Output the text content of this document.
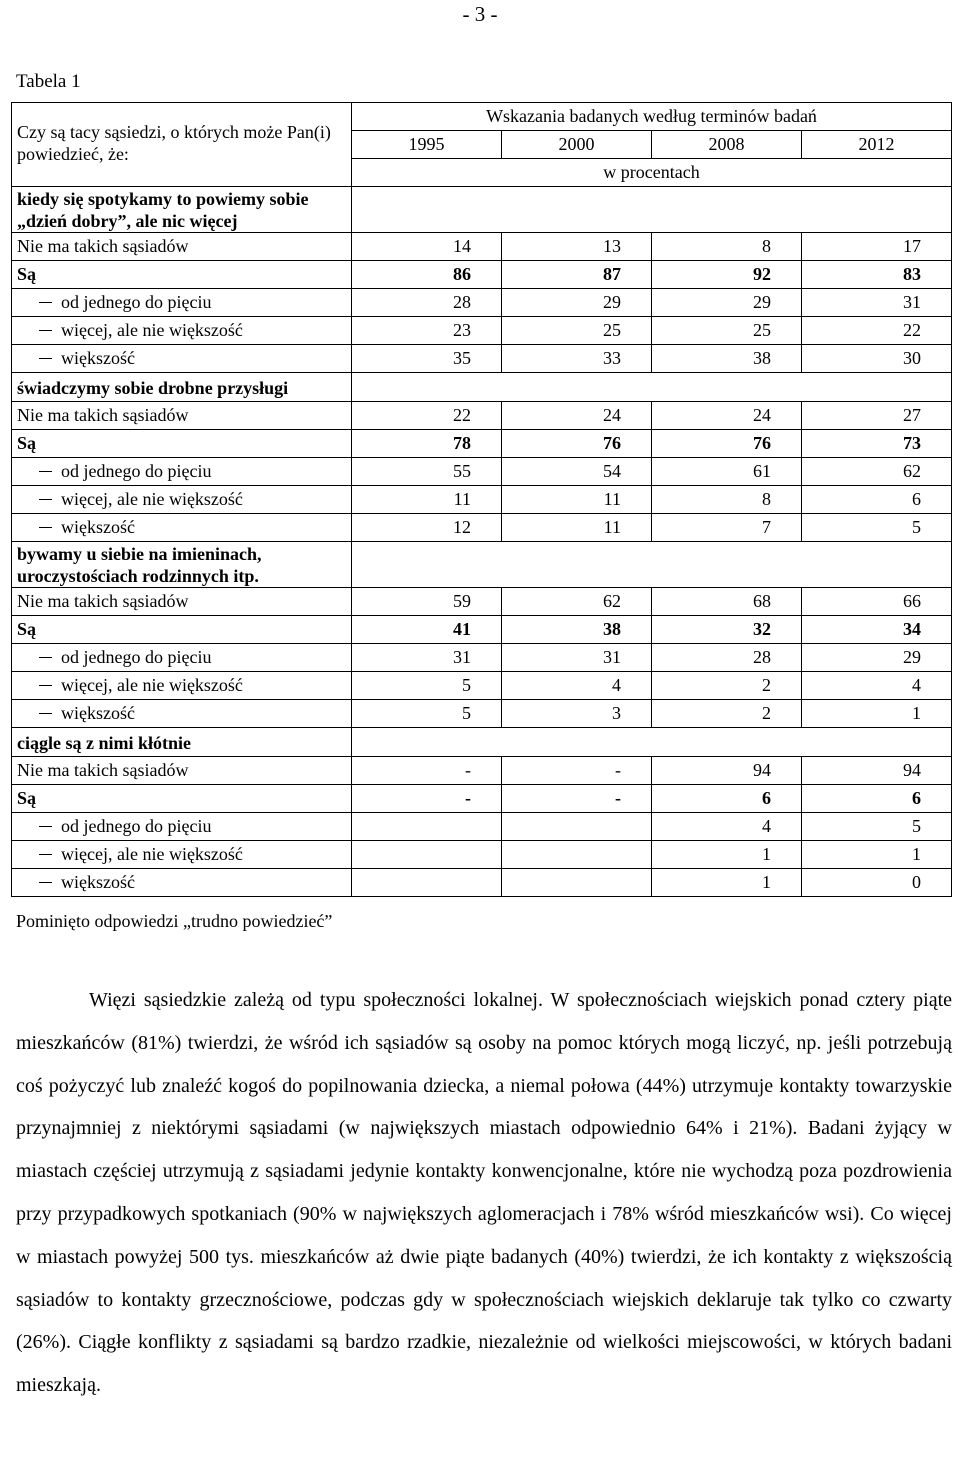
- 3 -
Tabela 1
Czy są tacy sąsiedzi, o których może Pan(i) powiedzieć, że:	Wskazania badanych według terminów badań			
	1995	2000	2008	2012
	w procentach			
kiedy się spotykamy to powiemy sobie „dzień dobry”, ale nic więcej				
Nie ma takich sąsiadów	14	13	8	17
Są	86	87	92	83
od jednego do pięciu	28	29	29	31
więcej, ale nie większość	23	25	25	22
większość	35	33	38	30
świadczymy sobie drobne przysługi				
Nie ma takich sąsiadów	22	24	24	27
Są	78	76	76	73
od jednego do pięciu	55	54	61	62
więcej, ale nie większość	11	11	8	6
większość	12	11	7	5
bywamy u siebie na imieninach, uroczystościach rodzinnych itp.				
Nie ma takich sąsiadów	59	62	68	66
Są	41	38	32	34
od jednego do pięciu	31	31	28	29
więcej, ale nie większość	5	4	2	4
większość	5	3	2	1
ciągle są z nimi kłótnie				
Nie ma takich sąsiadów	-	-	94	94
Są	-	-	6	6
od jednego do pięciu			4	5
więcej, ale nie większość			1	1
większość			1	0
Pominięto odpowiedzi „trudno powiedzieć”

Więzi sąsiedzkie zależą od typu społeczności lokalnej. W społecznościach wiejskich ponad cztery piąte mieszkańców (81%) twierdzi, że wśród ich sąsiadów są osoby na pomoc których mogą liczyć, np. jeśli potrzebują coś pożyczyć lub znaleźć kogoś do popilnowania dziecka, a niemal połowa (44%) utrzymuje kontakty towarzyskie przynajmniej z niektórymi sąsiadami (w największych miastach odpowiednio 64% i 21%). Badani żyjący w miastach częściej utrzymują z sąsiadami jedynie kontakty konwencjonalne, które nie wychodzą poza pozdrowienia przy przypadkowych spotkaniach (90% w największych aglomeracjach i 78% wśród mieszkańców wsi). Co więcej w miastach powyżej 500 tys. mieszkańców aż dwie piąte badanych (40%) twierdzi, że ich kontakty z większością sąsiadów to kontakty grzecznościowe, podczas gdy w społecznościach wiejskich deklaruje tak tylko co czwarty (26%). Ciągłe konflikty z sąsiadami są bardzo rzadkie, niezależnie od wielkości miejscowości, w których badani mieszkają.
